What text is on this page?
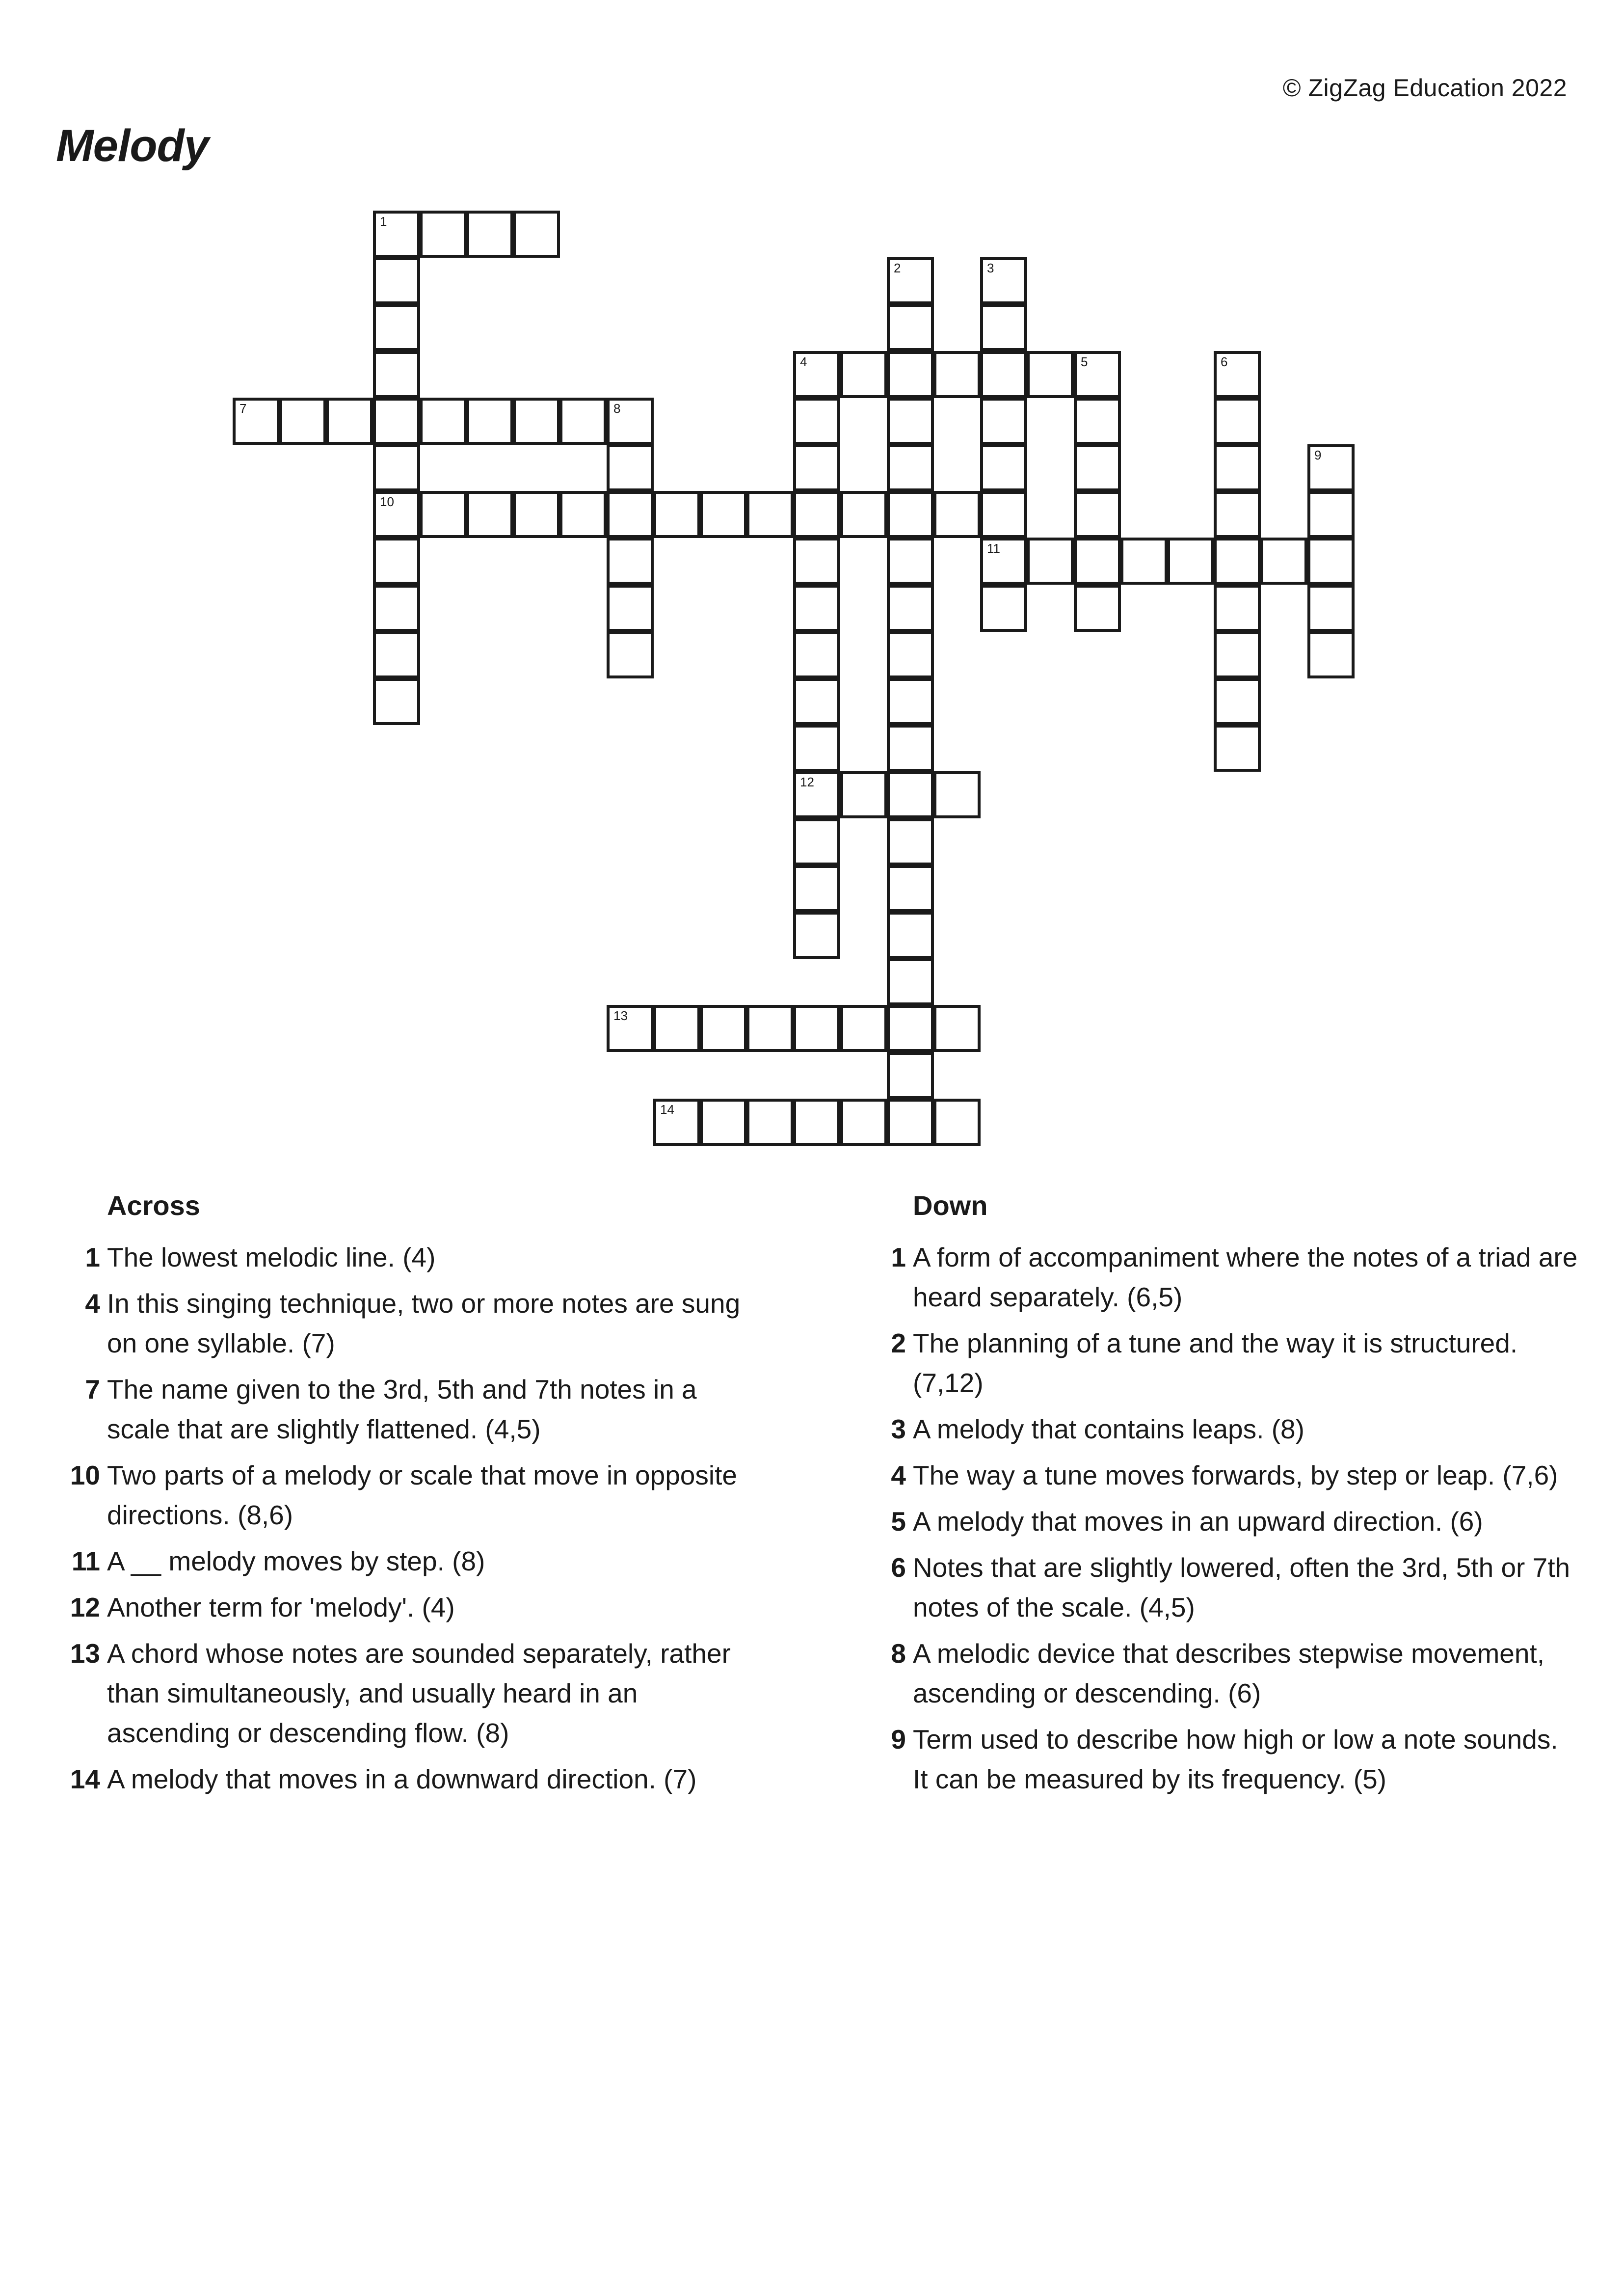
© ZigZag Education 2022
Melody
1
10
2	3
11
4	5
12
6
7	8
9
13
14
Across
1 The lowest melodic line. (4)
4 In this singing technique, two or more notes are sung on one syllable. (7)
7 The name given to the 3rd, 5th and 7th notes in a scale that are slightly flattened. (4,5)
10 Two parts of a melody or scale that move in opposite directions. (8,6)
11 A __ melody moves by step. (8)
12 Another term for 'melody'. (4)
13 A chord whose notes are sounded separately, rather than simultaneously, and usually heard in an ascending or descending flow. (8)
14 A melody that moves in a downward direction. (7)
Down
1 A form of accompaniment where the notes of a triad are heard separately. (6,5)
2 The planning of a tune and the way it is structured. (7,12)
3 A melody that contains leaps. (8)
4 The way a tune moves forwards, by step or leap. (7,6)
5 A melody that moves in an upward direction. (6)
6 Notes that are slightly lowered, often the 3rd, 5th or 7th notes of the scale. (4,5)
8 A melodic device that describes stepwise movement, ascending or descending. (6)
9 Term used to describe how high or low a note sounds. It can be measured by its frequency. (5)
